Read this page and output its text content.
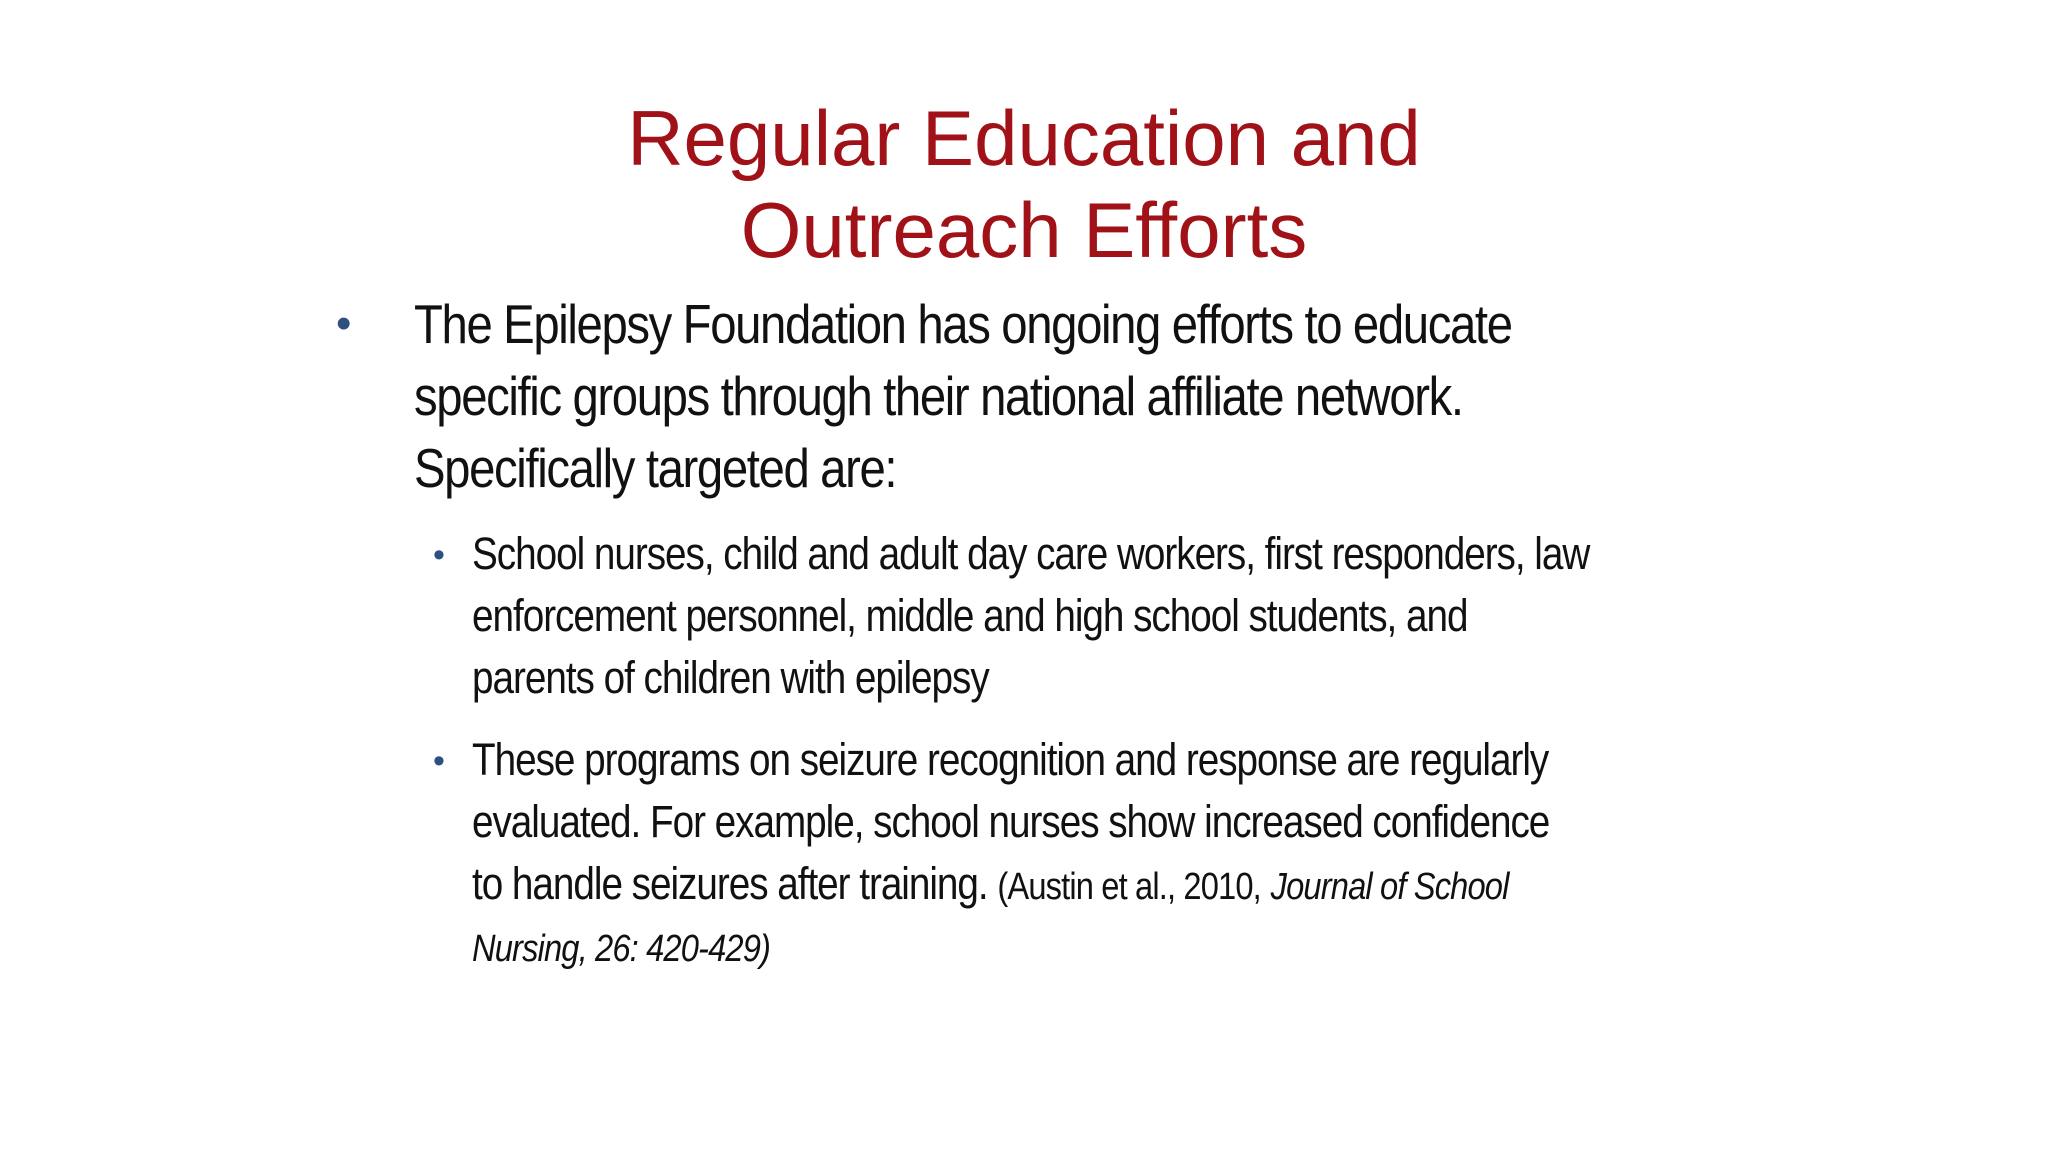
Regular Education and
Outreach Efforts
• The Epilepsy Foundation has ongoing efforts to educate
specific groups through their national affiliate network.
Specifically targeted are:
• School nurses, child and adult day care workers, first responders, law
enforcement personnel, middle and high school students, and
parents of children with epilepsy
• These programs on seizure recognition and response are regularly
evaluated. For example, school nurses show increased confidence
to handle seizures after training. (Austin et al., 2010, Journal of School
Nursing, 26: 420-429)
